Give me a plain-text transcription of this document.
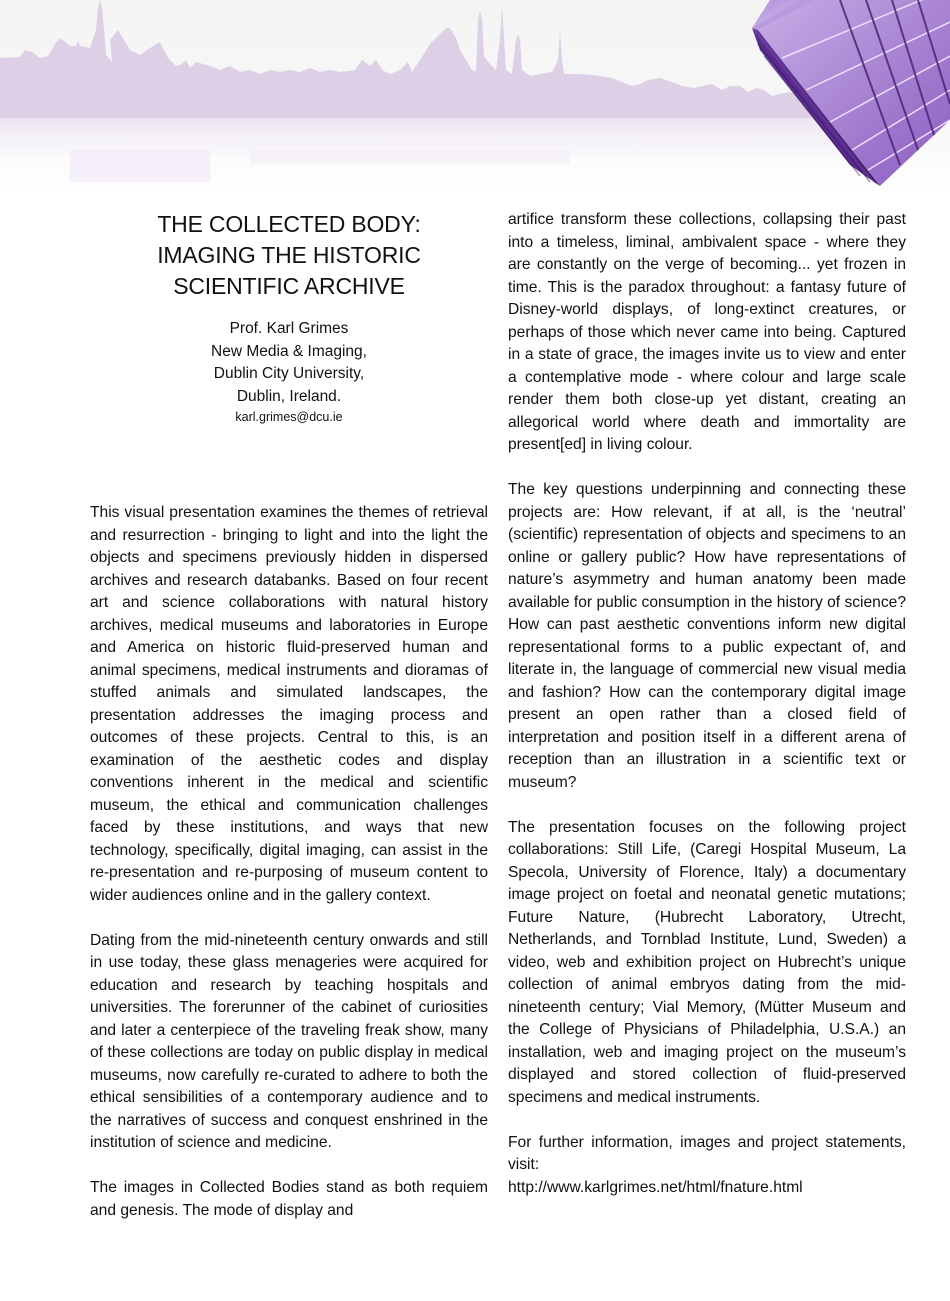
THE COLLECTED BODY:
IMAGING THE HISTORIC
SCIENTIFIC ARCHIVE
Prof. Karl Grimes
New Media & Imaging,
Dublin City University,
Dublin, Ireland.
karl.grimes@dcu.ie

This visual presentation examines the themes of retrieval and resurrection - bringing to light and into the light the objects and specimens previously hidden in dispersed archives and research databanks. Based on four recent art and science collaborations with natural history archives, medical museums and laboratories in Europe and America on historic fluid-preserved human and animal specimens, medical instruments and dioramas of stuffed animals and simulated landscapes, the presentation addresses the imaging process and outcomes of these projects. Central to this, is an examination of the aesthetic codes and display conventions inherent in the medical and scientific museum, the ethical and communication challenges faced by these institutions, and ways that new technology, specifically, digital imaging, can assist in the re-presentation and re-purposing of museum content to wider audiences online and in the gallery context.

Dating from the mid-nineteenth century onwards and still in use today, these glass menageries were acquired for education and research by teaching hospitals and universities. The forerunner of the cabinet of curiosities and later a centerpiece of the traveling freak show, many of these collections are today on public display in medical museums, now carefully re-curated to adhere to both the ethical sensibilities of a contemporary audience and to the narratives of success and conquest enshrined in the institution of science and medicine.

The images in Collected Bodies stand as both requiem and genesis. The mode of display and

artifice transform these collections, collapsing their past into a timeless, liminal, ambivalent space - where they are constantly on the verge of becoming... yet frozen in time. This is the paradox throughout: a fantasy future of Disney-world displays, of long-extinct creatures, or perhaps of those which never came into being. Captured in a state of grace, the images invite us to view and enter a contemplative mode - where colour and large scale render them both close-up yet distant, creating an allegorical world where death and immortality are present[ed] in living colour.

The key questions underpinning and connecting these projects are: How relevant, if at all, is the ‘neutral’ (scientific) representation of objects and specimens to an online or gallery public? How have representations of nature’s asymmetry and human anatomy been made available for public consumption in the history of science? How can past aesthetic conventions inform new digital representational forms to a public expectant of, and literate in, the language of commercial new visual media and fashion? How can the contemporary digital image present an open rather than a closed field of interpretation and position itself in a different arena of reception than an illustration in a scientific text or museum?

The presentation focuses on the following project collaborations: Still Life, (Caregi Hospital Museum, La Specola, University of Florence, Italy) a documentary image project on foetal and neonatal genetic mutations; Future Nature, (Hubrecht Laboratory, Utrecht, Netherlands, and Tornblad Institute, Lund, Sweden) a video, web and exhibition project on Hubrecht’s unique collection of animal embryos dating from the mid-nineteenth century; Vial Memory, (Mütter Museum and the College of Physicians of Philadelphia, U.S.A.) an installation, web and imaging project on the museum’s displayed and stored collection of fluid-preserved specimens and medical instruments.

For further information, images and project statements, visit:
http://www.karlgrimes.net/html/fnature.html
